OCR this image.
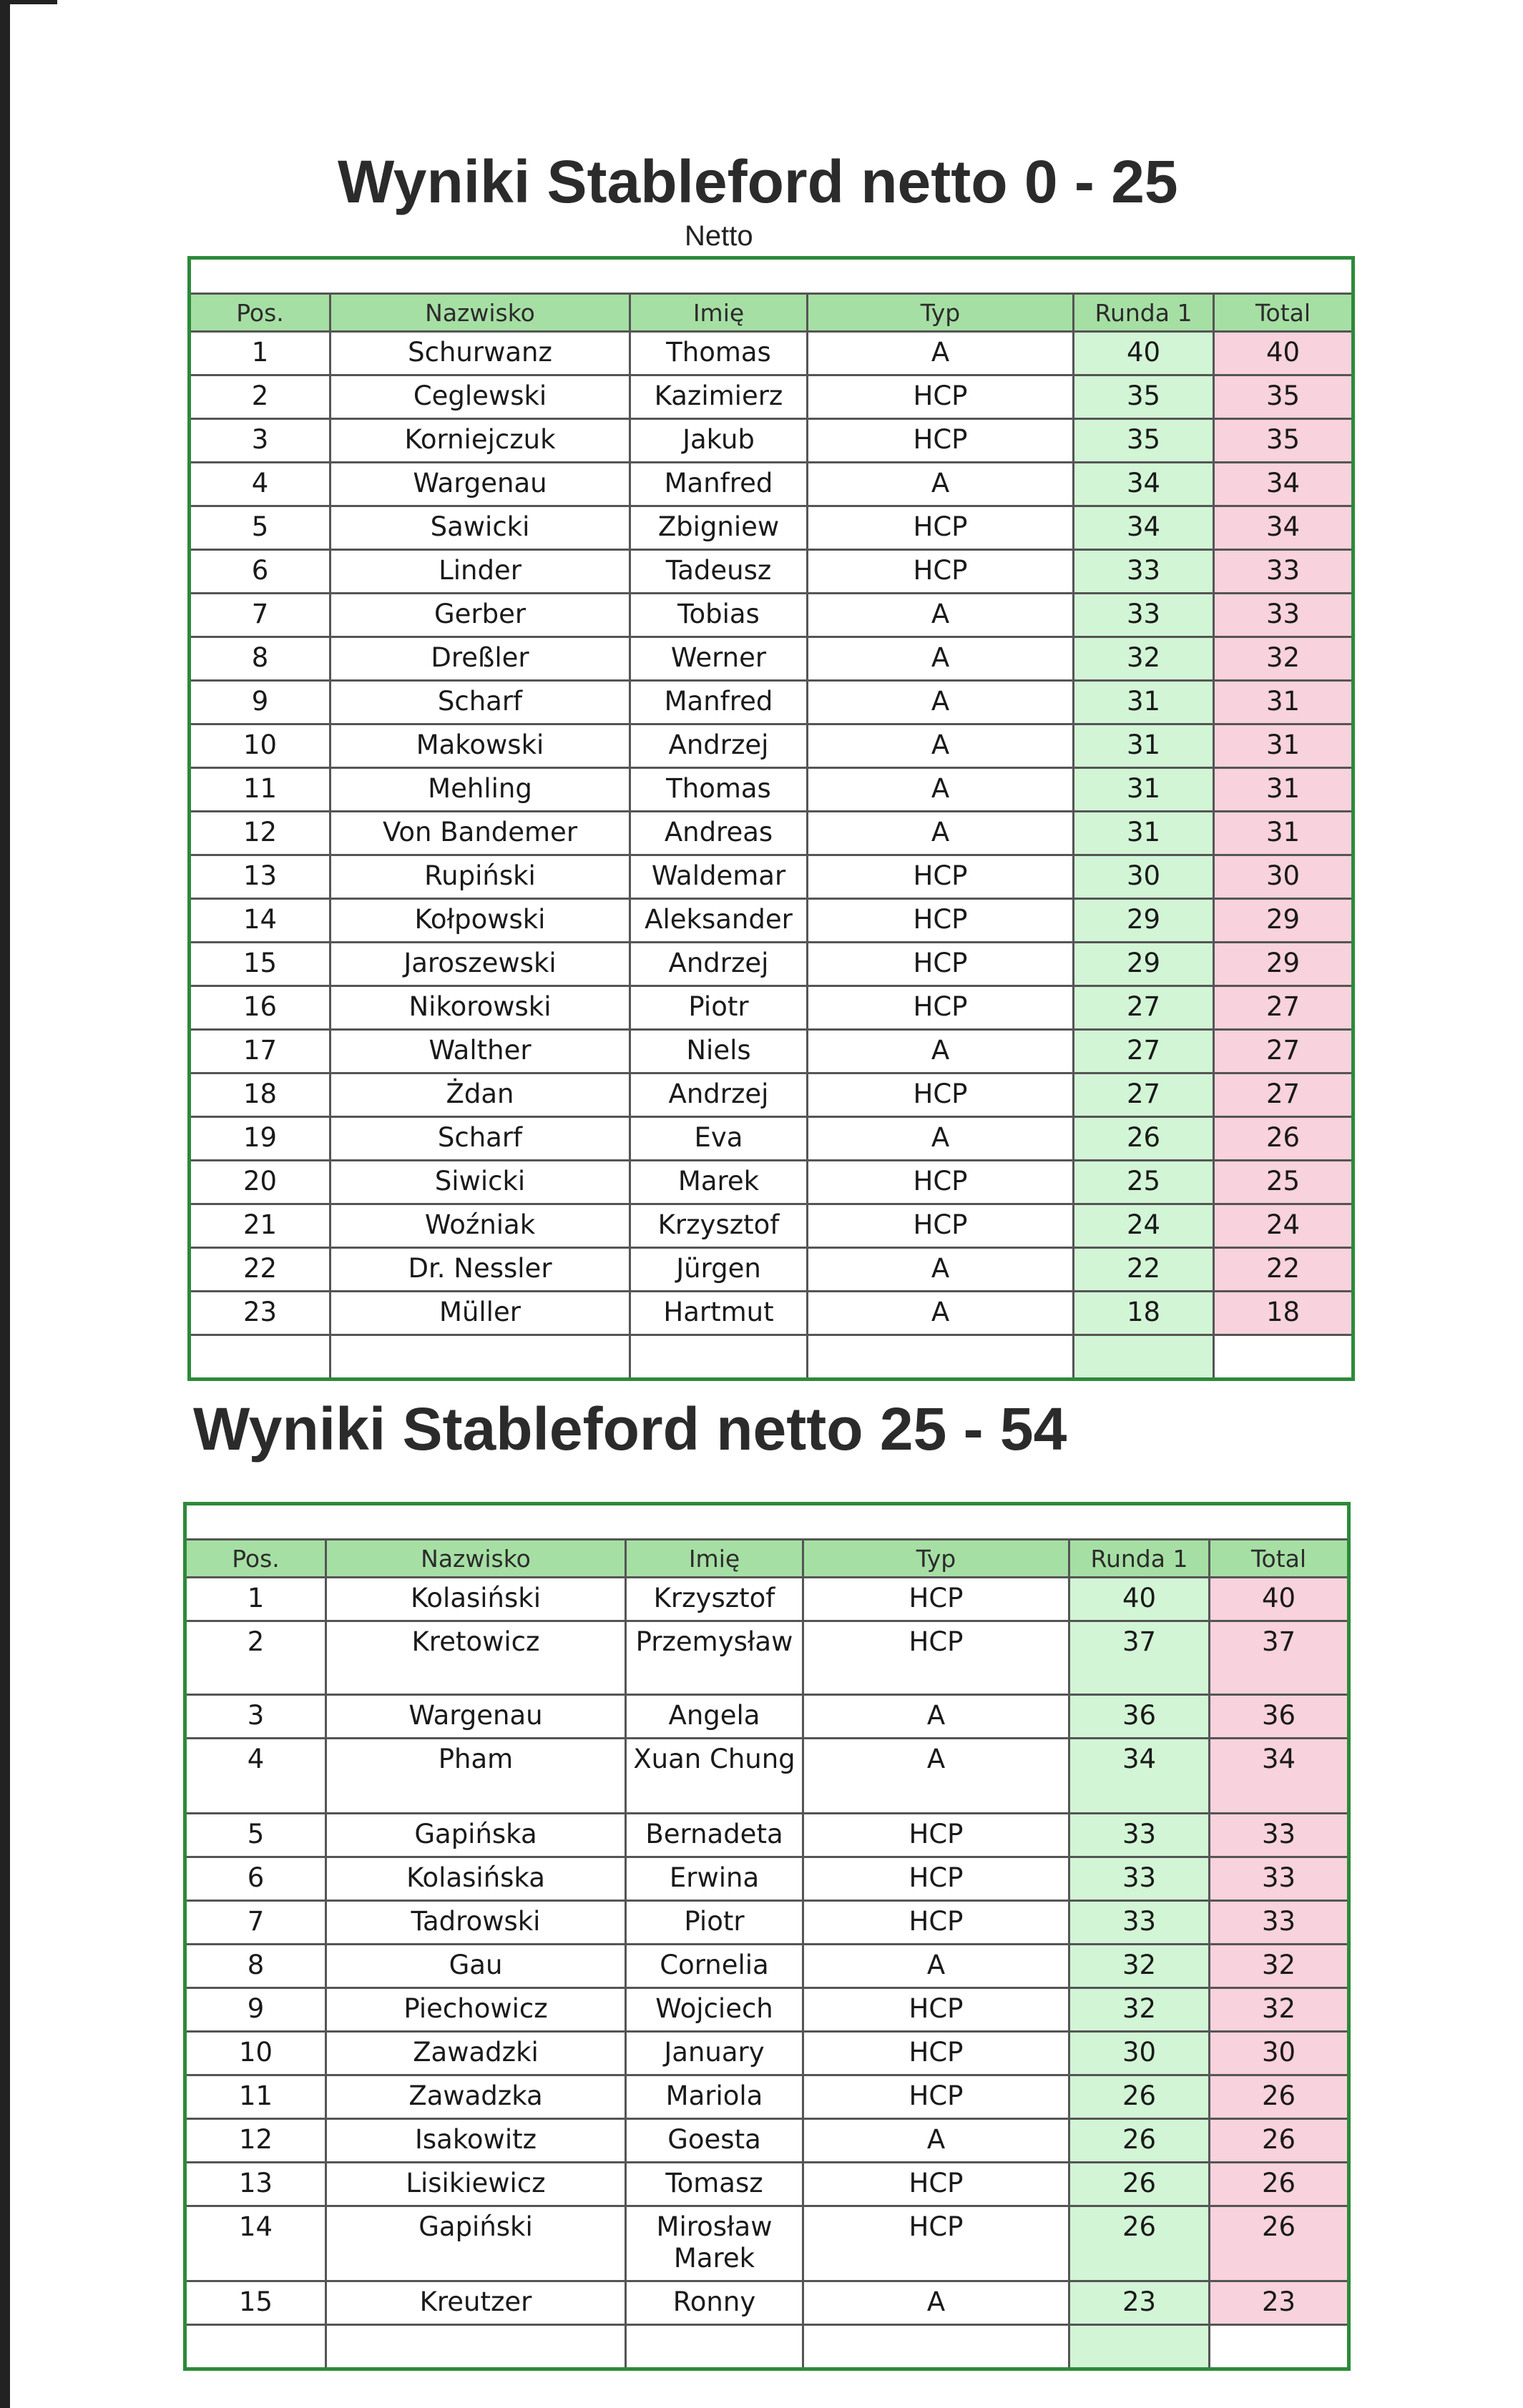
Wyniki Stableford netto 0 - 25
Netto

Pos.	Nazwisko	Imię	Typ	Runda 1	Total
1	Schurwanz	Thomas	A	40	40
2	Ceglewski	Kazimierz	HCP	35	35
3	Korniejczuk	Jakub	HCP	35	35
4	Wargenau	Manfred	A	34	34
5	Sawicki	Zbigniew	HCP	34	34
6	Linder	Tadeusz	HCP	33	33
7	Gerber	Tobias	A	33	33
8	Dreßler	Werner	A	32	32
9	Scharf	Manfred	A	31	31
10	Makowski	Andrzej	A	31	31
11	Mehling	Thomas	A	31	31
12	Von Bandemer	Andreas	A	31	31
13	Rupiński	Waldemar	HCP	30	30
14	Kołpowski	Aleksander	HCP	29	29
15	Jaroszewski	Andrzej	HCP	29	29
16	Nikorowski	Piotr	HCP	27	27
17	Walther	Niels	A	27	27
18	Żdan	Andrzej	HCP	27	27
19	Scharf	Eva	A	26	26
20	Siwicki	Marek	HCP	25	25
21	Woźniak	Krzysztof	HCP	24	24
22	Dr. Nessler	Jürgen	A	22	22
23	Müller	Hartmut	A	18	18

Wyniki Stableford netto 25 - 54

Pos.	Nazwisko	Imię	Typ	Runda 1	Total
1	Kolasiński	Krzysztof	HCP	40	40
2	Kretowicz	Przemysław	HCP	37	37
3	Wargenau	Angela	A	36	36
4	Pham	Xuan Chung	A	34	34
5	Gapińska	Bernadeta	HCP	33	33
6	Kolasińska	Erwina	HCP	33	33
7	Tadrowski	Piotr	HCP	33	33
8	Gau	Cornelia	A	32	32
9	Piechowicz	Wojciech	HCP	32	32
10	Zawadzki	January	HCP	30	30
11	Zawadzka	Mariola	HCP	26	26
12	Isakowitz	Goesta	A	26	26
13	Lisikiewicz	Tomasz	HCP	26	26
14	Gapiński	Mirosław Marek	HCP	26	26
15	Kreutzer	Ronny	A	23	23
